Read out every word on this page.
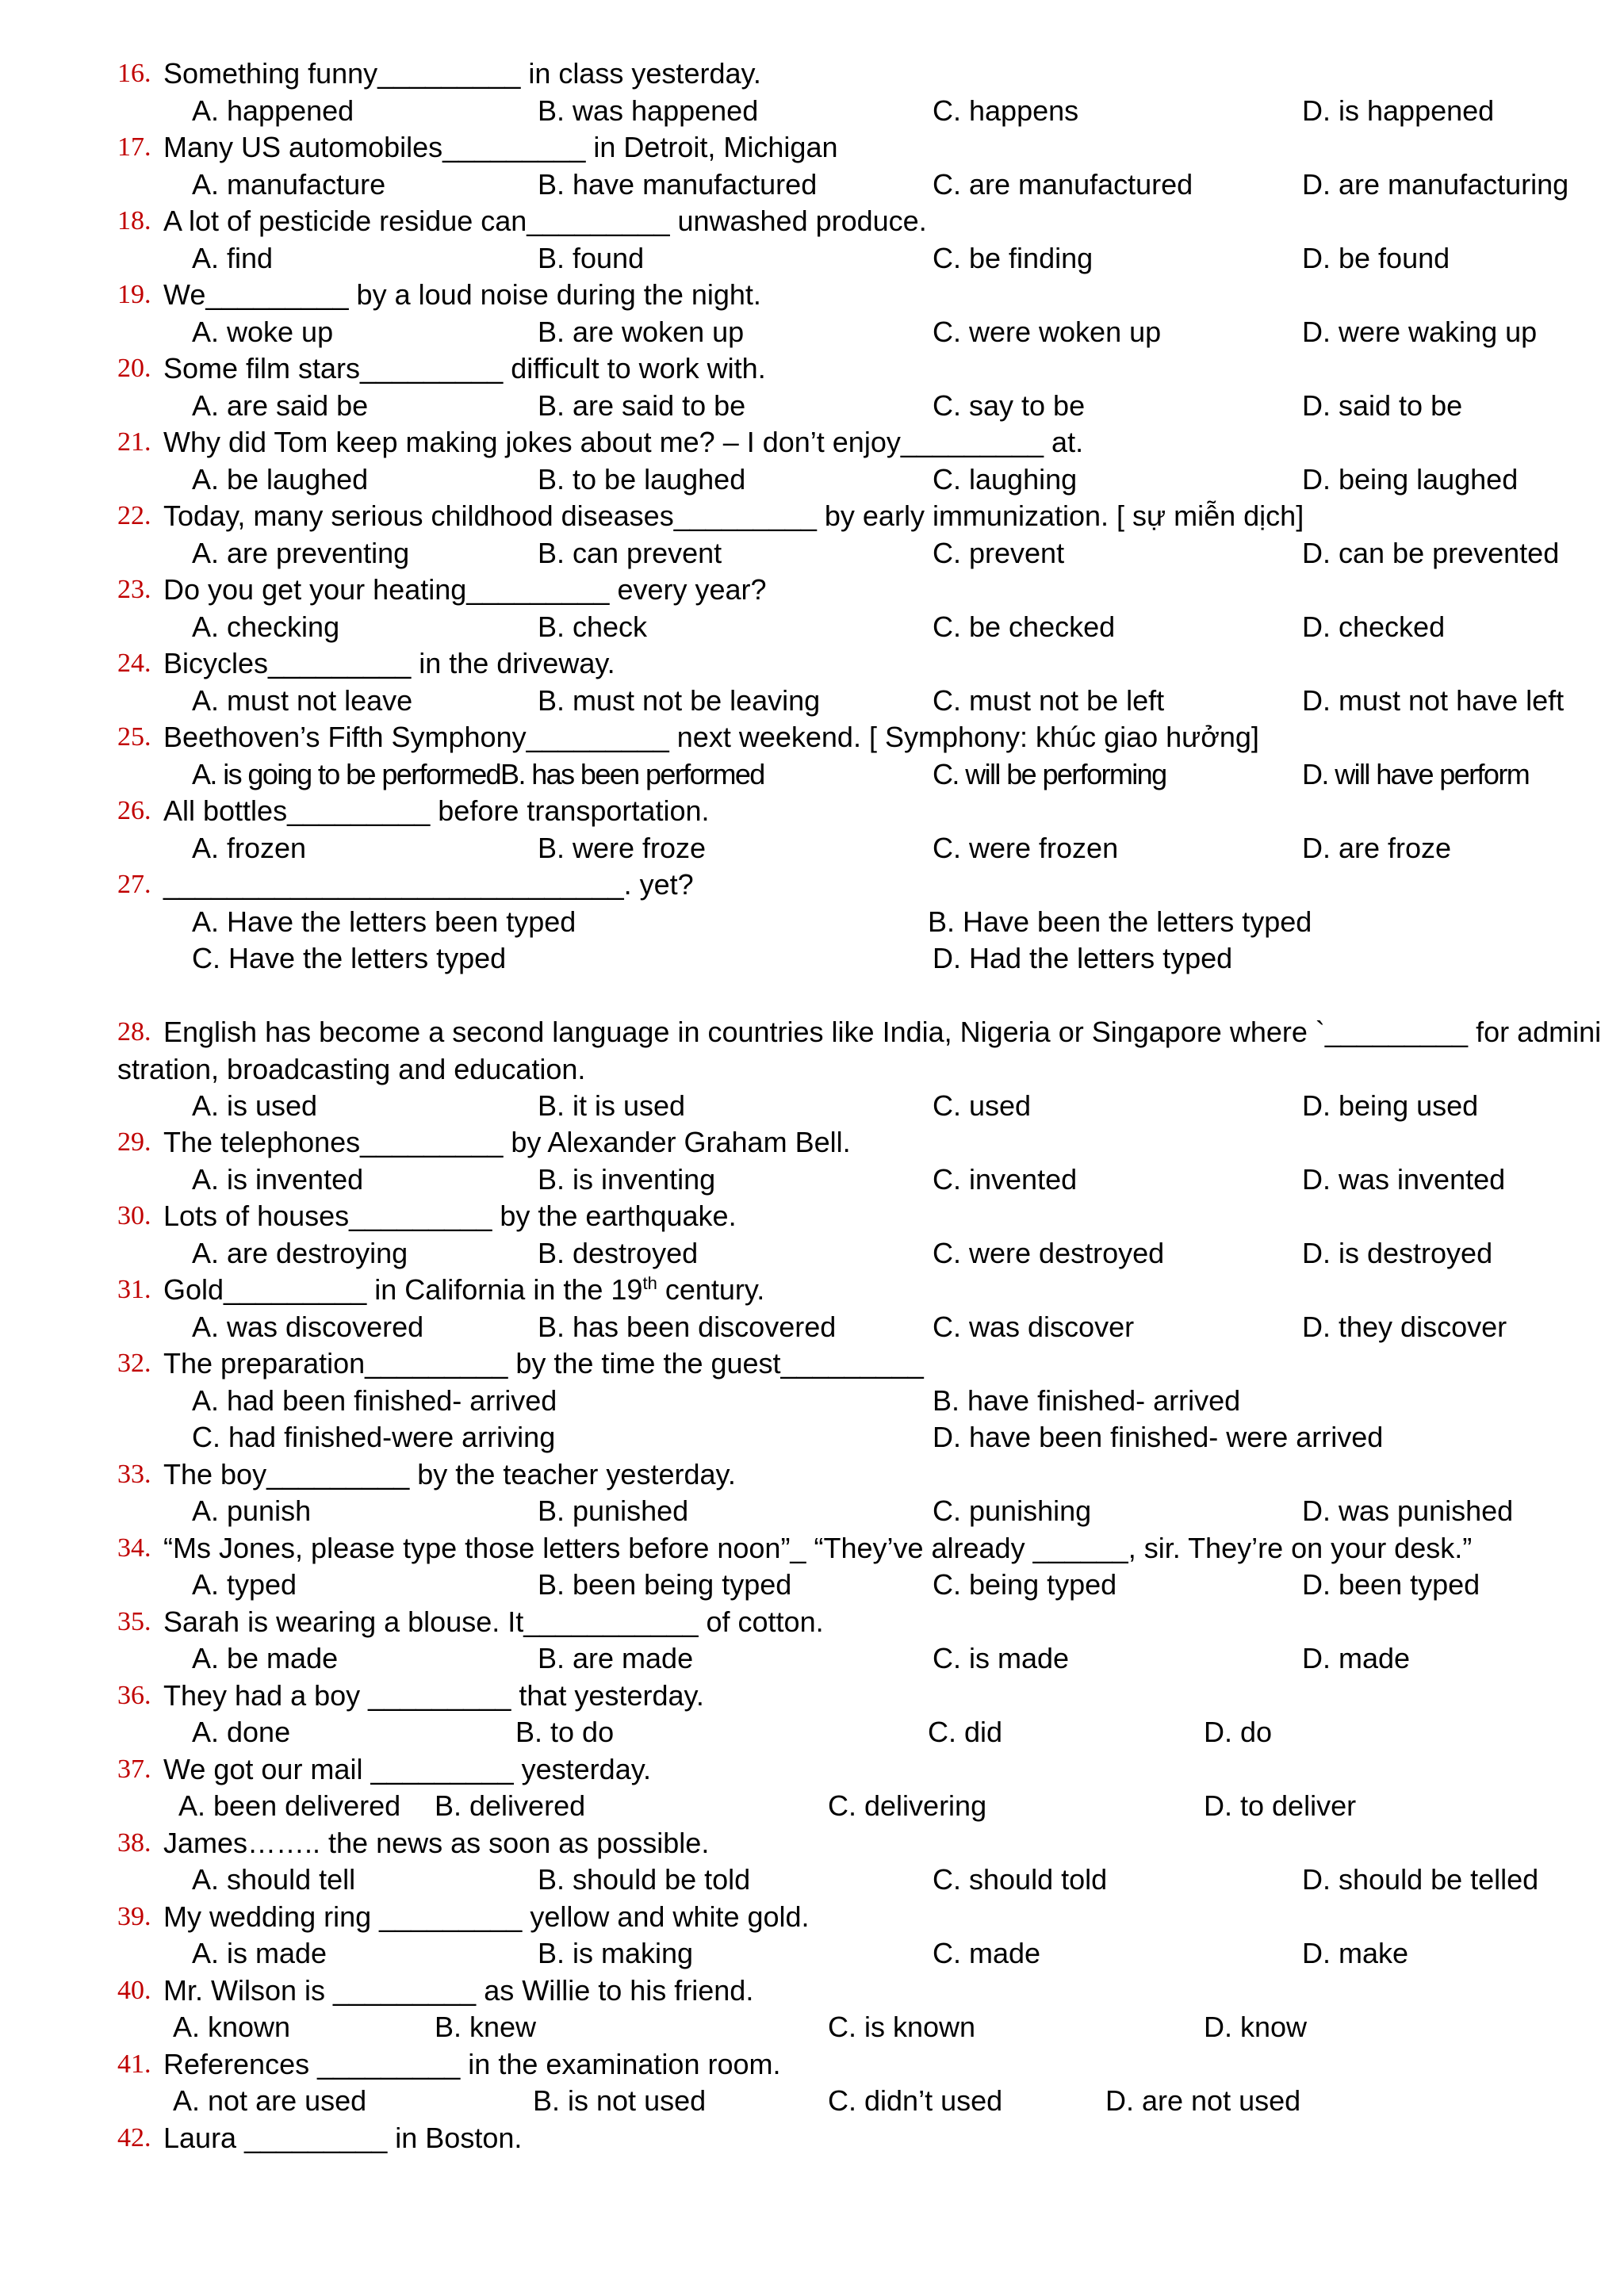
16. Something funny_________ in class yesterday.
A. happened	B. was happened	C. happens	D. is happened
17. Many US automobiles_________ in Detroit, Michigan
A. manufacture	B. have manufactured	C. are manufactured	D. are manufacturing
18. A lot of pesticide residue can_________ unwashed produce.
A. find	B. found	C. be finding	D. be found
19. We_________ by a loud noise during the night.
A. woke up	B. are woken up	C. were woken up	D. were waking up
20. Some film stars_________ difficult to work with.
A. are said be	B. are said to be	C. say to be	D. said to be
21. Why did Tom keep making jokes about me? – I don’t enjoy_________ at.
A. be laughed	B. to be laughed	C. laughing	D. being laughed
22. Today, many serious childhood diseases_________ by early immunization. [ sự miễn dịch]
A. are preventing	B. can prevent	C. prevent	D. can be prevented
23. Do you get your heating_________ every year?
A. checking	B. check	C. be checked	D. checked
24. Bicycles_________ in the driveway.
A. must not leave	B. must not be leaving	C. must not be left	D. must not have left
25. Beethoven’s Fifth Symphony_________ next weekend. [ Symphony: khúc giao hưởng]
A. is going to be performedB. has been performed	C. will be performing	D. will have perform
26. All bottles_________ before transportation.
A. frozen	B. were froze	C. were frozen	D. are froze
27. _____________________________. yet?
A. Have the letters been typed	B. Have been the letters typed
C. Have the letters typed	D. Had the letters typed
28. English has become a second language in countries like India, Nigeria or Singapore where `_________ for admini
stration, broadcasting and education.
A. is used	B. it is used	C. used	D. being used
29. The telephones_________ by Alexander Graham Bell.
A. is invented	B. is inventing	C. invented	D. was invented
30. Lots of houses_________ by the earthquake.
A. are destroying	B. destroyed	C. were destroyed	D. is destroyed
31. Gold_________ in California in the 19th century.
A. was discovered	B. has been discovered	C. was discover	D. they discover
32. The preparation_________ by the time the guest_________
A. had been finished- arrived	B. have finished- arrived
C. had finished-were arriving	D. have been finished- were arrived
33. The boy_________ by the teacher yesterday.
A. punish	B. punished	C. punishing	D. was punished
34. “Ms Jones, please type those letters before noon”_ “They’ve already ______, sir. They’re on your desk.”
A. typed	B. been being typed	C. being typed	D. been typed
35. Sarah is wearing a blouse. It___________ of cotton.
A. be made	B. are made	C. is made	D. made
36. They had a boy _________ that yesterday.
A. done	B. to do	C. did	D. do
37. We got our mail _________ yesterday.
A. been delivered B. delivered	C. delivering	D. to deliver
38. James…….. the news as soon as possible.
A. should tell	B. should be told	C. should told	D. should be telled
39. My wedding ring _________ yellow and white gold.
A. is made	B. is making	C. made	D. make
40. Mr. Wilson is _________ as Willie to his friend.
A. known	B. knew	C. is known	D. know
41. References _________ in the examination room.
A. not are used	B. is not used	C. didn’t used	D. are not used
42. Laura _________ in Boston.
